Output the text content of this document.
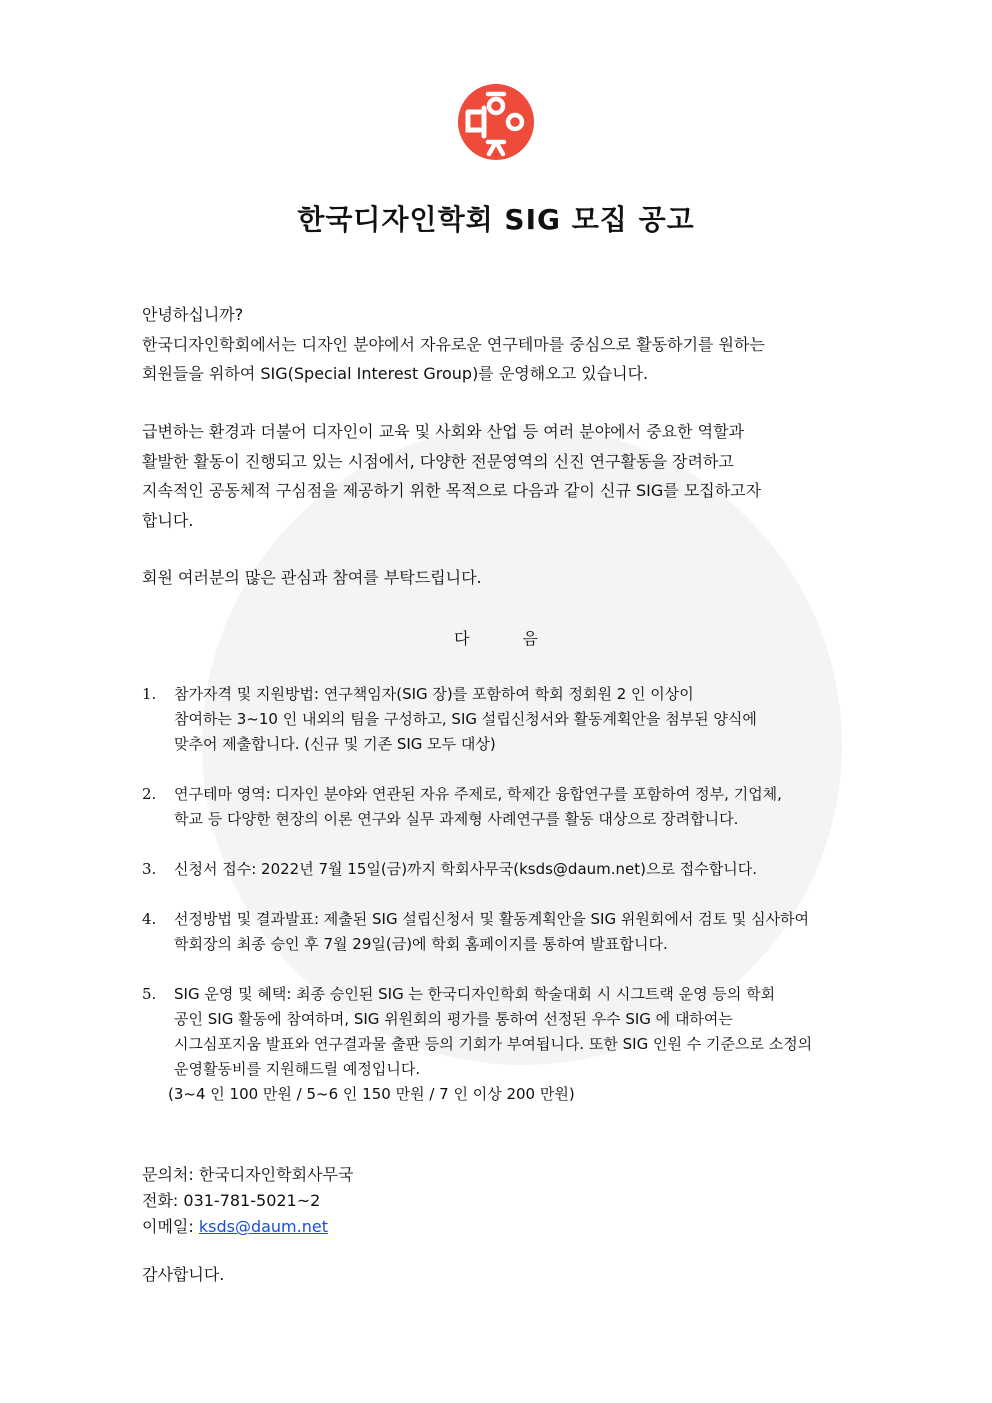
한국디자인학회 SIG 모집 공고

안녕하십니까?

한국디자인학회에서는 디자인 분야에서 자유로운 연구테마를 중심으로 활동하기를 원하는

회원들을 위하여 SIG(Special Interest Group)를 운영해오고 있습니다.

급변하는 환경과 더불어 디자인이 교육 및 사회와 산업 등 여러 분야에서 중요한 역할과

활발한 활동이 진행되고 있는 시점에서, 다양한 전문영역의 신진 연구활동을 장려하고

지속적인 공동체적 구심점을 제공하기 위한 목적으로 다음과 같이 신규 SIG를 모집하고자

합니다.

회원 여러분의 많은 관심과 참여를 부탁드립니다.

다	음
1. 참가자격 및 지원방법: 연구책임자(SIG 장)를 포함하여 학회 정회원 2 인 이상이

참여하는 3~10 인 내외의 팀을 구성하고, SIG 설립신청서와 활동계획안을 첨부된 양식에

맞추어 제출합니다. (신규 및 기존 SIG 모두 대상)

2. 연구테마 영역: 디자인 분야와 연관된 자유 주제로, 학제간 융합연구를 포함하여 정부, 기업체,

학교 등 다양한 현장의 이론 연구와 실무 과제형 사례연구를 활동 대상으로 장려합니다.

3. 신청서 접수: 2022년 7월 15일(금)까지 학회사무국(ksds@daum.net)으로 접수합니다.

4. 선정방법 및 결과발표: 제출된 SIG 설립신청서 및 활동계획안을 SIG 위원회에서 검토 및 심사하여

학회장의 최종 승인 후 7월 29일(금)에 학회 홈페이지를 통하여 발표합니다.

5. SIG 운영 및 혜택: 최종 승인된 SIG 는 한국디자인학회 학술대회 시 시그트랙 운영 등의 학회

공인 SIG 활동에 참여하며, SIG 위원회의 평가를 통하여 선정된 우수 SIG 에 대하여는

시그심포지움 발표와 연구결과물 출판 등의 기회가 부여됩니다. 또한 SIG 인원 수 기준으로 소정의

운영활동비를 지원해드릴 예정입니다.

(3~4 인 100 만원 / 5~6 인 150 만원 / 7 인 이상 200 만원)

문의처: 한국디자인학회사무국

전화: 031-781-5021~2

이메일: ksds@daum.net

감사합니다.
